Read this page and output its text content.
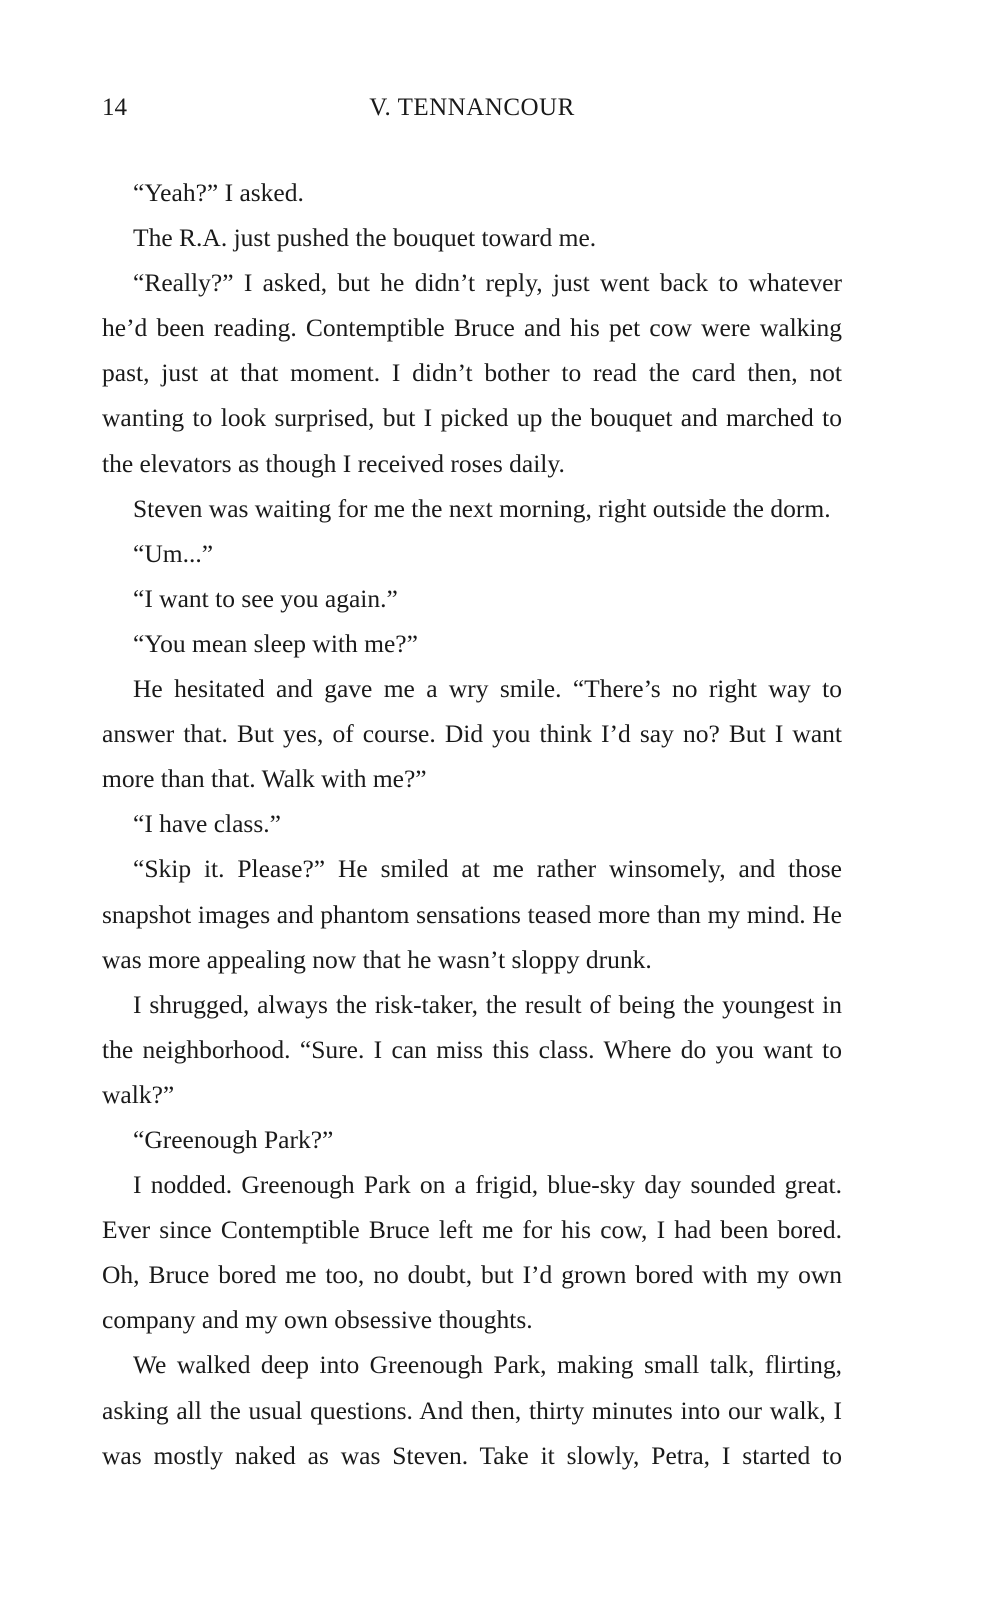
14	V. TENNANCOUR

“Yeah?” I asked.

The R.A. just pushed the bouquet toward me.

“Really?” I asked, but he didn’t reply, just went back to whatever he’d been reading. Contemptible Bruce and his pet cow were walking past, just at that moment. I didn’t bother to read the card then, not wanting to look surprised, but I picked up the bouquet and marched to the elevators as though I received roses daily.

Steven was waiting for me the next morning, right outside the dorm.

“Um...”

“I want to see you again.”

“You mean sleep with me?”

He hesitated and gave me a wry smile. “There’s no right way to answer that. But yes, of course. Did you think I’d say no? But I want more than that. Walk with me?”

“I have class.”

“Skip it. Please?” He smiled at me rather winsomely, and those snapshot images and phantom sensations teased more than my mind. He was more appealing now that he wasn’t sloppy drunk.

I shrugged, always the risk-taker, the result of being the youngest in the neighborhood. “Sure. I can miss this class. Where do you want to walk?”

“Greenough Park?”

I nodded. Greenough Park on a frigid, blue-sky day sounded great. Ever since Contemptible Bruce left me for his cow, I had been bored. Oh, Bruce bored me too, no doubt, but I’d grown bored with my own company and my own obsessive thoughts.

We walked deep into Greenough Park, making small talk, flirting, asking all the usual questions. And then, thirty minutes into our walk, I was mostly naked as was Steven. Take it slowly, Petra, I started to
